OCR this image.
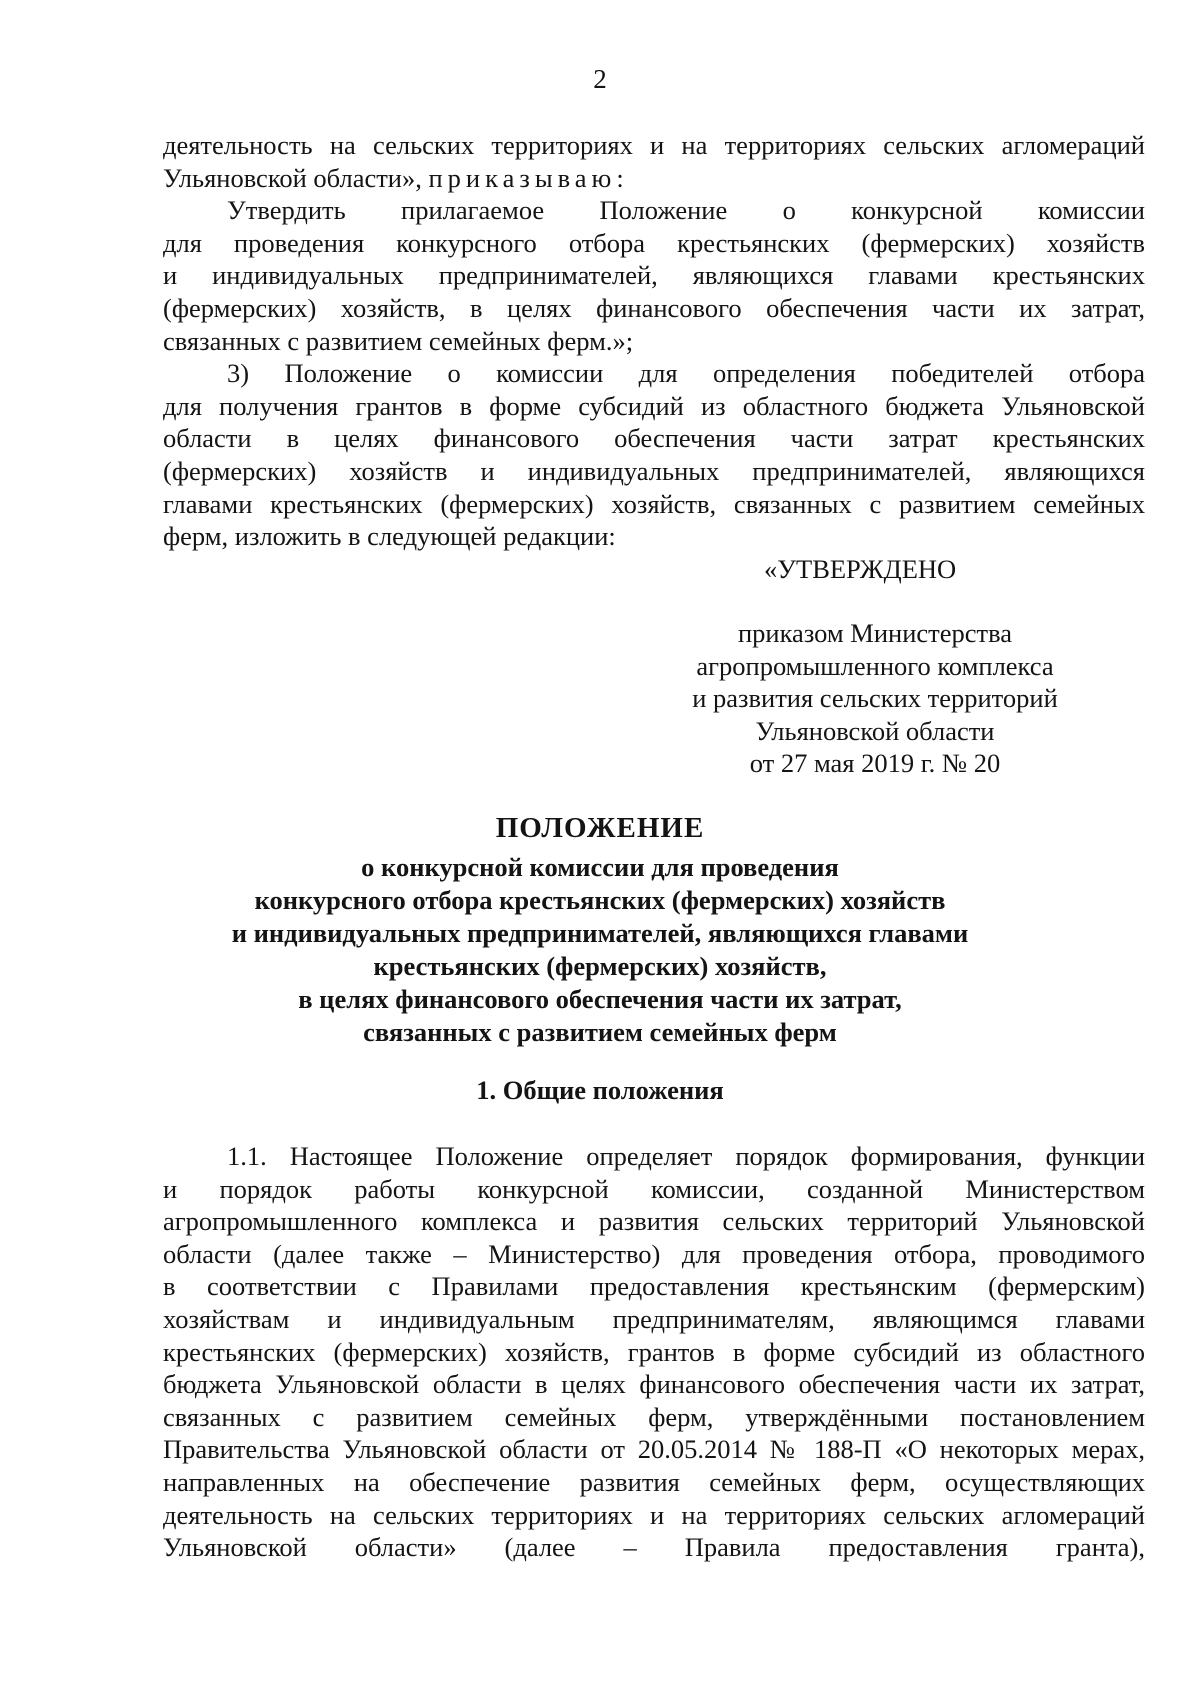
2

деятельность на сельских территориях и на территориях сельских агломераций

Ульяновской области», приказываю:

Утвердить прилагаемое Положение о конкурсной комиссии

для проведения конкурсного отбора крестьянских (фермерских) хозяйств

и индивидуальных предпринимателей, являющихся главами крестьянских

(фермерских) хозяйств, в целях финансового обеспечения части их затрат,

связанных с развитием семейных ферм.»;

3) Положение о комиссии для определения победителей отбора

для получения грантов в форме субсидий из областного бюджета Ульяновской

области в целях финансового обеспечения части затрат крестьянских

(фермерских) хозяйств и индивидуальных предпринимателей, являющихся

главами крестьянских (фермерских) хозяйств, связанных с развитием семейных

ферм, изложить в следующей редакции:

«УТВЕРЖДЕНО
приказом Министерства
агропромышленного комплекса
и развития сельских территорий
Ульяновской области
от 27 мая 2019 г. № 20
ПОЛОЖЕНИЕ
о конкурсной комиссии для проведения
конкурсного отбора крестьянских (фермерских) хозяйств
и индивидуальных предпринимателей, являющихся главами
крестьянских (фермерских) хозяйств,
в целях финансового обеспечения части их затрат,
связанных с развитием семейных ферм
1. Общие положения

1.1. Настоящее Положение определяет порядок формирования, функции

и порядок работы конкурсной комиссии, созданной Министерством

агропромышленного комплекса и развития сельских территорий Ульяновской

области (далее также – Министерство) для проведения отбора, проводимого

в соответствии с Правилами предоставления крестьянским (фермерским)

хозяйствам и индивидуальным предпринимателям, являющимся главами

крестьянских (фермерских) хозяйств, грантов в форме субсидий из областного

бюджета Ульяновской области в целях финансового обеспечения части их затрат,

связанных с развитием семейных ферм, утверждёнными постановлением

Правительства Ульяновской области от 20.05.2014 № 188-П «О некоторых мерах,

направленных на обеспечение развития семейных ферм, осуществляющих

деятельность на сельских территориях и на территориях сельских агломераций

Ульяновской области» (далее – Правила предоставления гранта),
